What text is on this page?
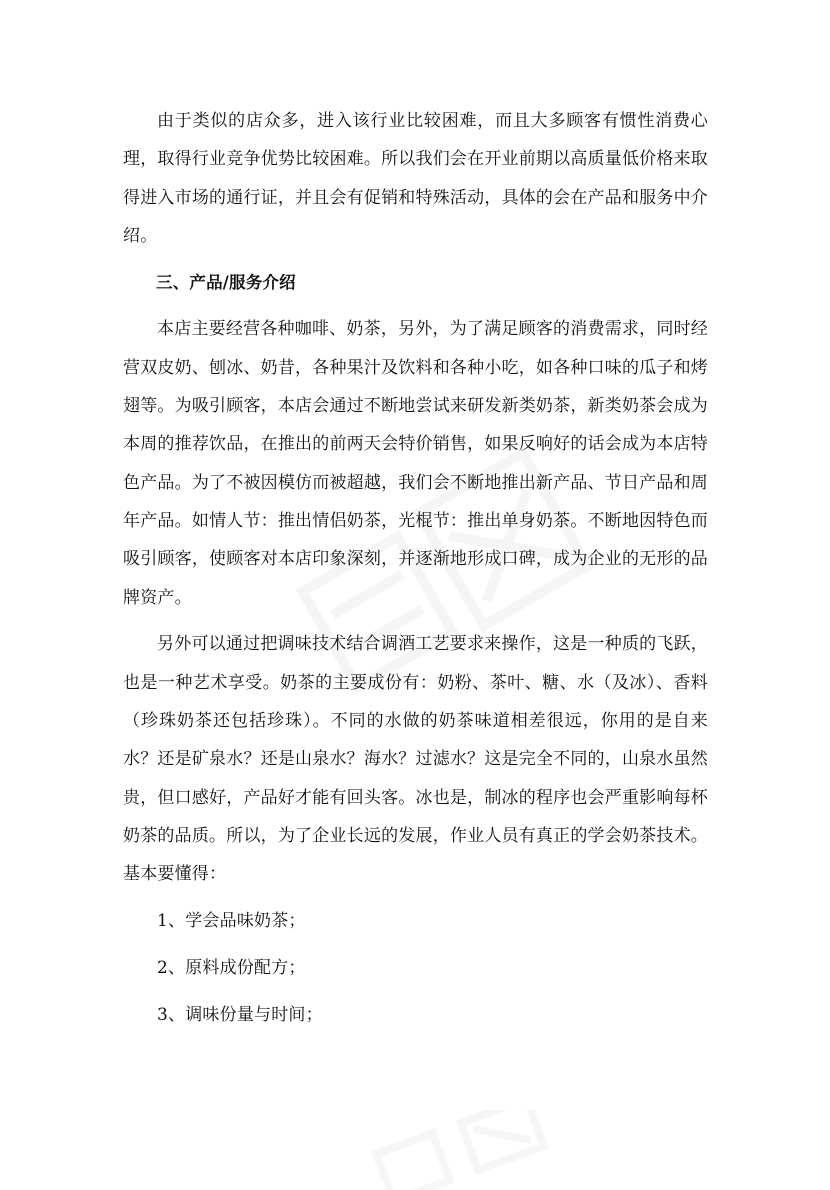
由于类似的店众多，进入该行业比较困难，而且大多顾客有惯性消费心理，取得行业竞争优势比较困难。所以我们会在开业前期以高质量低价格来取得进入市场的通行证，并且会有促销和特殊活动，具体的会在产品和服务中介绍。

三、产品/服务介绍

本店主要经营各种咖啡、奶茶，另外，为了满足顾客的消费需求，同时经营双皮奶、刨冰、奶昔，各种果汁及饮料和各种小吃，如各种口味的瓜子和烤翅等。为吸引顾客，本店会通过不断地尝试来研发新类奶茶，新类奶茶会成为本周的推荐饮品，在推出的前两天会特价销售，如果反响好的话会成为本店特色产品。为了不被因模仿而被超越，我们会不断地推出新产品、节日产品和周年产品。如情人节：推出情侣奶茶，光棍节：推出单身奶茶。不断地因特色而吸引顾客，使顾客对本店印象深刻，并逐渐地形成口碑，成为企业的无形的品牌资产。

另外可以通过把调味技术结合调酒工艺要求来操作，这是一种质的飞跃，也是一种艺术享受。奶茶的主要成份有：奶粉、茶叶、糖、水（及冰）、香料（珍珠奶茶还包括珍珠）。不同的水做的奶茶味道相差很远，你用的是自来水？还是矿泉水？还是山泉水？海水？过滤水？这是完全不同的，山泉水虽然贵，但口感好，产品好才能有回头客。冰也是，制冰的程序也会严重影响每杯奶茶的品质。所以，为了企业长远的发展，作业人员有真正的学会奶茶技术。基本要懂得：

1、学会品味奶茶；

2、原料成份配方；

3、调味份量与时间；
